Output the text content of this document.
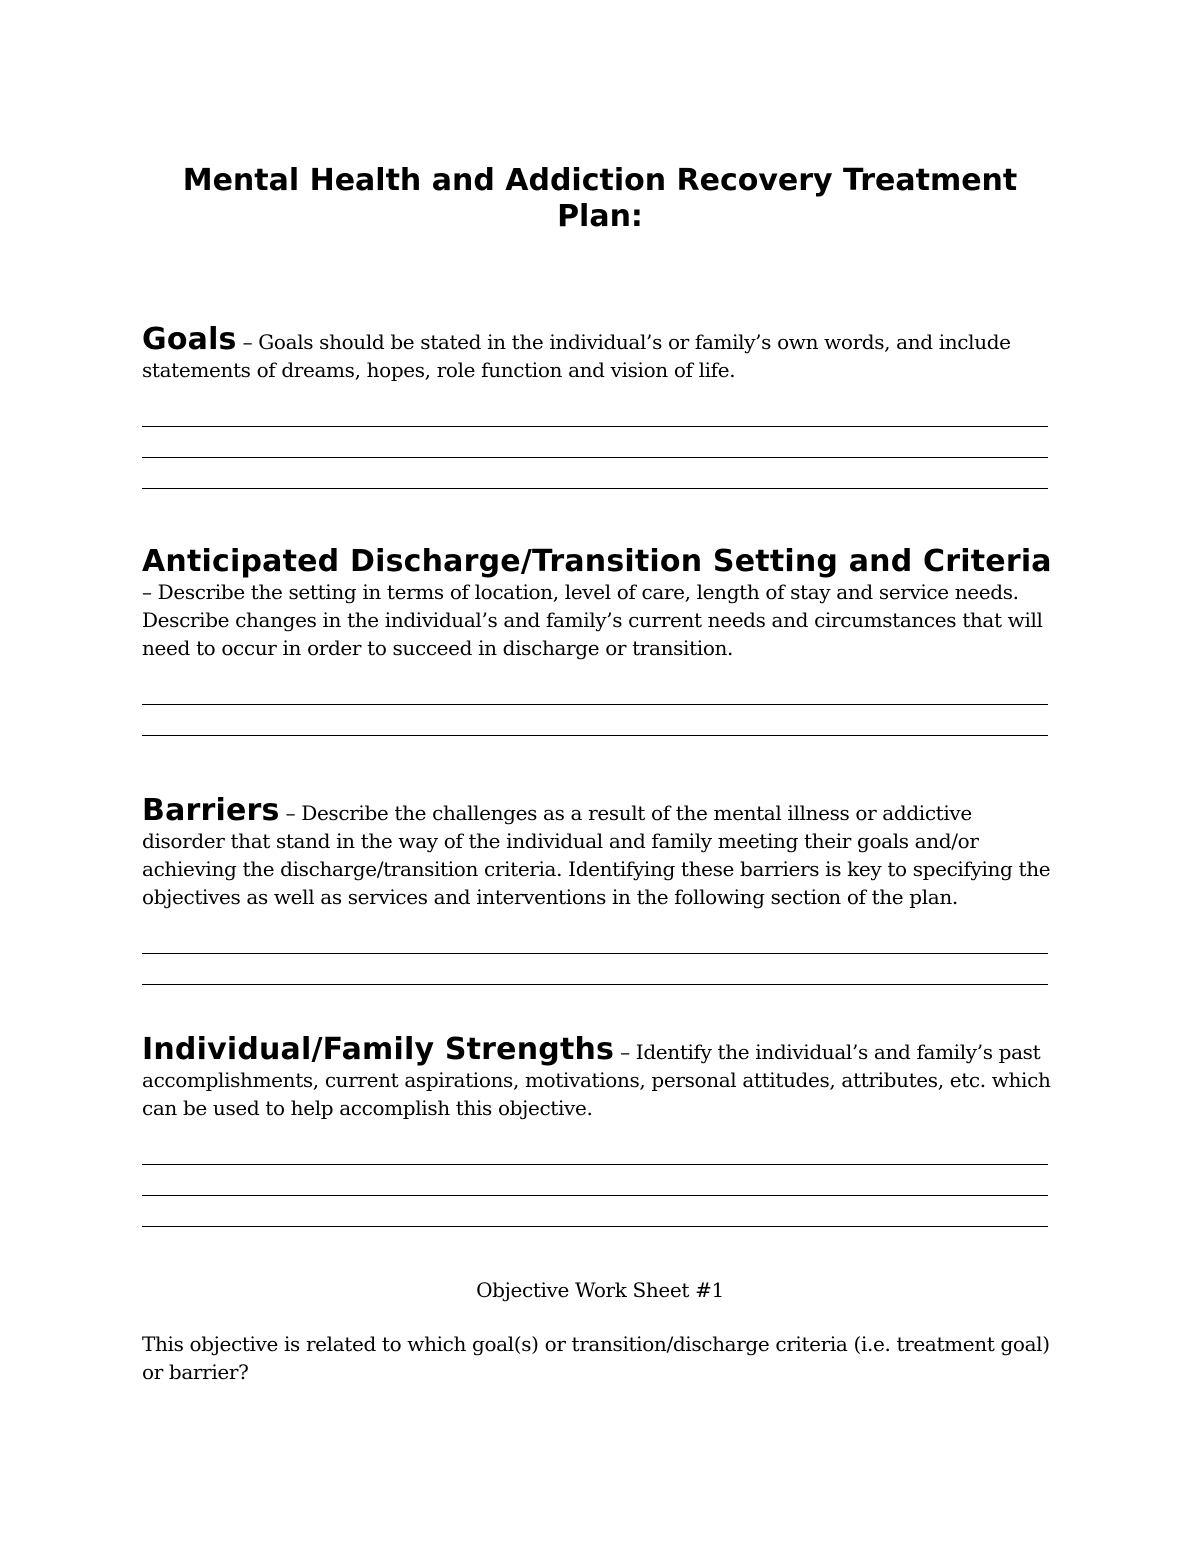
Mental Health and Addiction Recovery Treatment Plan:

Goals – Goals should be stated in the individual’s or family’s own words, and include statements of dreams, hopes, role function and vision of life.

Anticipated Discharge/Transition Setting and Criteria – Describe the setting in terms of location, level of care, length of stay and service needs. Describe changes in the individual’s and family’s current needs and circumstances that will need to occur in order to succeed in discharge or transition.

Barriers – Describe the challenges as a result of the mental illness or addictive disorder that stand in the way of the individual and family meeting their goals and/or achieving the discharge/transition criteria. Identifying these barriers is key to specifying the objectives as well as services and interventions in the following section of the plan.

Individual/Family Strengths – Identify the individual’s and family’s past accomplishments, current aspirations, motivations, personal attitudes, attributes, etc. which can be used to help accomplish this objective.

Objective Work Sheet #1

This objective is related to which goal(s) or transition/discharge criteria (i.e. treatment goal) or barrier?
